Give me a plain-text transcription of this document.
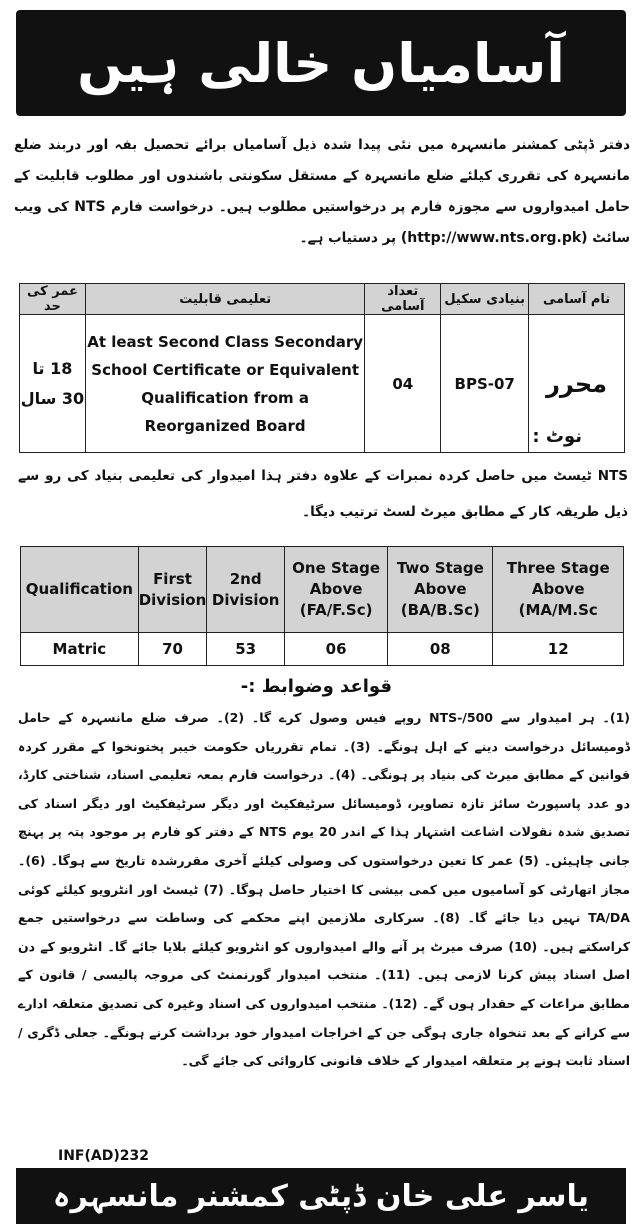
آسامیاں خالی ہیں

دفتر ڈپٹی کمشنر مانسہرہ میں نئی پیدا شدہ ذیل آسامیاں برائے تحصیل بفہ اور دربند ضلع مانسہرہ کی تقرری کیلئے ضلع مانسہرہ کے مستقل سکونتی باشندوں اور مطلوب قابلیت کے حامل امیدواروں سے مجوزہ فارم پر درخواستیں مطلوب ہیں۔ درخواست فارم NTS کی ویب سائٹ (http://www.nts.org.pk) پر دستیاب ہے۔

نام آسامی	بنیادی سکیل	تعداد آسامی	تعلیمی قابلیت	عمر کی حد
محرر	BPS-07	04	At least Second Class Secondary School Certificate or Equivalent Qualification from a Reorganized Board	18 تا
30 سال
نوٹ :

NTS ٹیسٹ میں حاصل کردہ نمبرات کے علاوہ دفتر ہذا امیدوار کی تعلیمی بنیاد کی رو سے ذیل طریقہ کار کے مطابق میرٹ لسٹ ترتیب دیگا۔

Qualification	First Division	2nd Division	One Stage Above (FA/F.Sc)	Two Stage Above (BA/B.Sc)	Three Stage Above (MA/M.Sc
Matric	70	53	06	08	12
قواعد وضوابط :-

(1)۔ ہر امیدوار سے NTS-/500 روپے فیس وصول کرے گا۔ (2)۔ صرف ضلع مانسہرہ کے حامل ڈومیسائل درخواست دینے کے اہل ہونگے۔ (3)۔ تمام تقرریاں حکومت خیبر پختونخوا کے مقرر کردہ قوانین کے مطابق میرٹ کی بنیاد پر ہونگی۔ (4)۔ درخواست فارم بمعہ تعلیمی اسناد، شناختی کارڈ، دو عدد پاسپورٹ سائز تازہ تصاویر، ڈومیسائل سرٹیفکیٹ اور دیگر سرٹیفکیٹ اور دیگر اسناد کی تصدیق شدہ نقولات اشاعت اشتہار ہذا کے اندر 20 یوم NTS کے دفتر کو فارم پر موجود پتہ پر پہنچ جانی چاہیئں۔ (5) عمر کا تعین درخواستوں کی وصولی کیلئے آخری مقررشدہ تاریخ سے ہوگا۔ (6)۔ مجاز اتھارٹی کو آسامیوں میں کمی بیشی کا اختیار حاصل ہوگا۔ (7) ٹیسٹ اور انٹرویو کیلئے کوئی TA/DA نہیں دیا جائے گا۔ (8)۔ سرکاری ملازمین اپنے محکمے کی وساطت سے درخواستیں جمع کراسکتے ہیں۔ (10) صرف میرٹ پر آنے والے امیدواروں کو انٹرویو کیلئے بلایا جائے گا۔ انٹرویو کے دن اصل اسناد پیش کرنا لازمی ہیں۔ (11)۔ منتخب امیدوار گورنمنٹ کی مروجہ پالیسی / قانون کے مطابق مراعات کے حقدار ہوں گے۔ (12)۔ منتخب امیدواروں کی اسناد وغیرہ کی تصدیق متعلقہ ادارے سے کرانے کے بعد تنخواہ جاری ہوگی جن کے اخراجات امیدوار خود برداشت کرنے ہونگے۔ جعلی ڈگری / اسناد ثابت ہونے پر متعلقہ امیدوار کے خلاف قانونی کاروائی کی جائے گی۔

INF(AD)232
یاسر علی خان ڈپٹی کمشنر مانسہرہ
